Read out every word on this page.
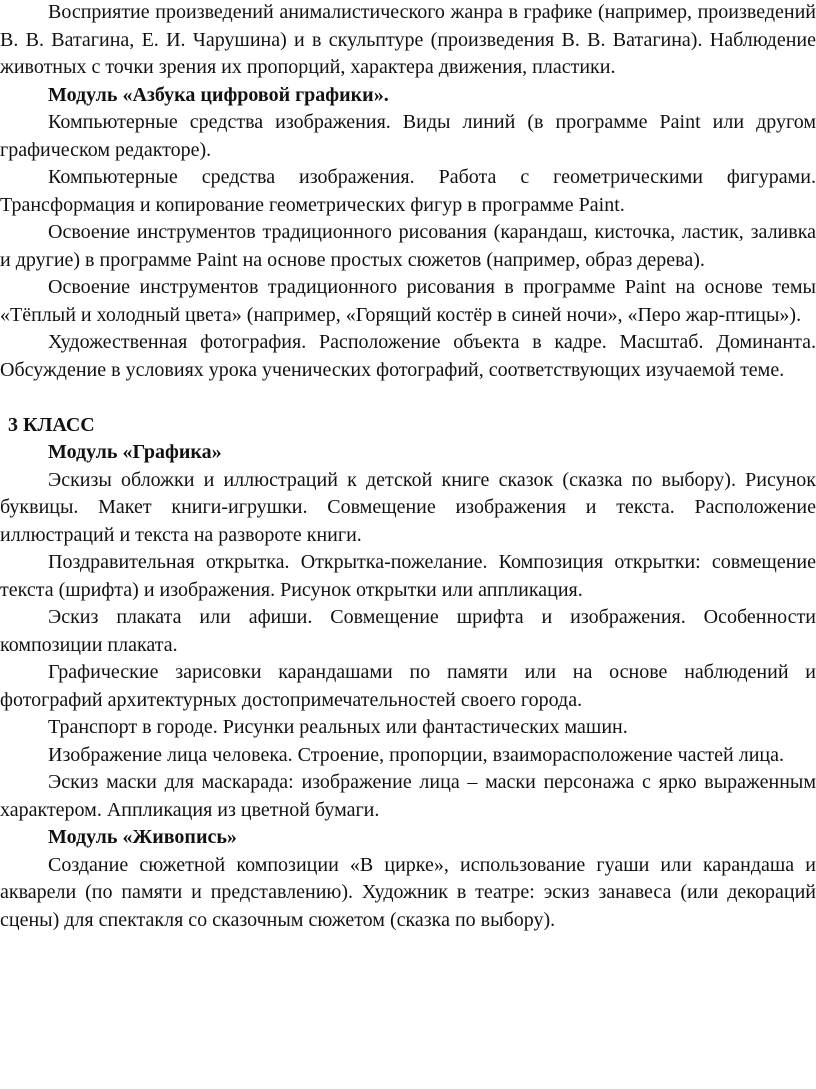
Восприятие произведений анималистического жанра в графике (например, произведений В. В. Ватагина, Е. И. Чарушина) и в скульптуре (произведения В. В. Ватагина). Наблюдение животных с точки зрения их пропорций, характера движения, пластики.

Модуль «Азбука цифровой графики».

Компьютерные средства изображения. Виды линий (в программе Paint или другом графическом редакторе).

Компьютерные средства изображения. Работа с геометрическими фигурами. Трансформация и копирование геометрических фигур в программе Paint.

Освоение инструментов традиционного рисования (карандаш, кисточка, ластик, заливка и другие) в программе Paint на основе простых сюжетов (например, образ дерева).

Освоение инструментов традиционного рисования в программе Paint на основе темы «Тёплый и холодный цвета» (например, «Горящий костёр в синей ночи», «Перо жар-птицы»).

Художественная фотография. Расположение объекта в кадре. Масштаб. Доминанта. Обсуждение в условиях урока ученических фотографий, соответствующих изучаемой теме.

3 КЛАСС

Модуль «Графика»

Эскизы обложки и иллюстраций к детской книге сказок (сказка по выбору). Рисунок буквицы. Макет книги-игрушки. Совмещение изображения и текста. Расположение иллюстраций и текста на развороте книги.

Поздравительная открытка. Открытка-пожелание. Композиция открытки: совмещение текста (шрифта) и изображения. Рисунок открытки или аппликация.

Эскиз плаката или афиши. Совмещение шрифта и изображения. Особенности композиции плаката.

Графические зарисовки карандашами по памяти или на основе наблюдений и фотографий архитектурных достопримечательностей своего города.

Транспорт в городе. Рисунки реальных или фантастических машин.

Изображение лица человека. Строение, пропорции, взаиморасположение частей лица.

Эскиз маски для маскарада: изображение лица – маски персонажа с ярко выраженным характером. Аппликация из цветной бумаги.

Модуль «Живопись»

Создание сюжетной композиции «В цирке», использование гуаши или карандаша и акварели (по памяти и представлению). Художник в театре: эскиз занавеса (или декораций сцены) для спектакля со сказочным сюжетом (сказка по выбору).
